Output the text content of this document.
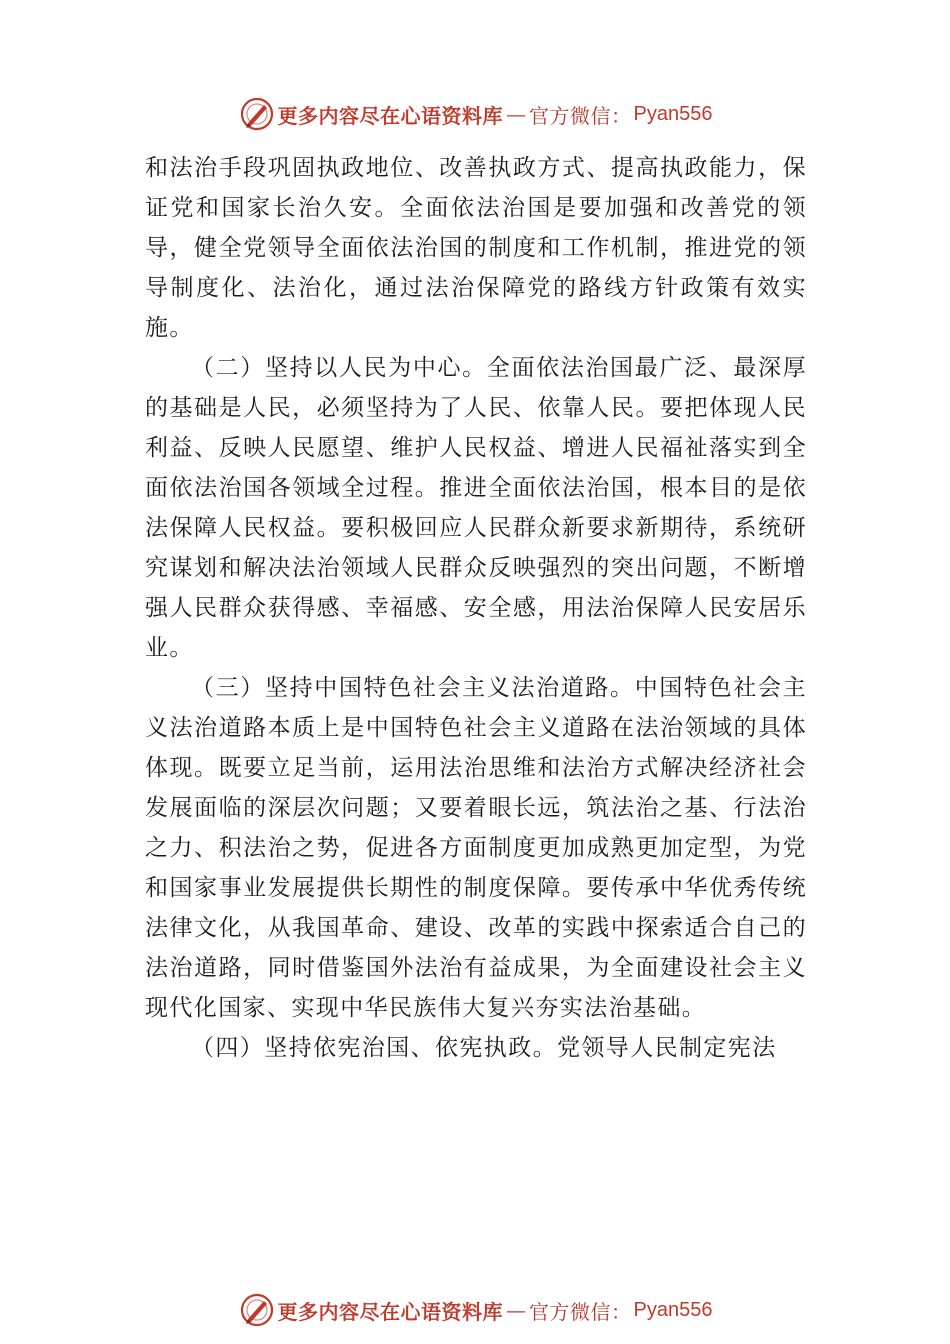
更多内容尽在心语资料库 — 官方微信： Pyan556

和法治手段巩固执政地位、改善执政方式、提高执政能力，保证党和国家长治久安。全面依法治国是要加强和改善党的领导，健全党领导全面依法治国的制度和工作机制，推进党的领导制度化、法治化，通过法治保障党的路线方针政策有效实施。

（二）坚持以人民为中心。全面依法治国最广泛、最深厚的基础是人民，必须坚持为了人民、依靠人民。要把体现人民利益、反映人民愿望、维护人民权益、增进人民福祉落实到全面依法治国各领域全过程。推进全面依法治国，根本目的是依法保障人民权益。要积极回应人民群众新要求新期待，系统研究谋划和解决法治领域人民群众反映强烈的突出问题，不断增强人民群众获得感、幸福感、安全感，用法治保障人民安居乐业。

（三）坚持中国特色社会主义法治道路。中国特色社会主义法治道路本质上是中国特色社会主义道路在法治领域的具体体现。既要立足当前，运用法治思维和法治方式解决经济社会发展面临的深层次问题；又要着眼长远，筑法治之基、行法治之力、积法治之势，促进各方面制度更加成熟更加定型，为党和国家事业发展提供长期性的制度保障。要传承中华优秀传统法律文化，从我国革命、建设、改革的实践中探索适合自己的法治道路，同时借鉴国外法治有益成果，为全面建设社会主义现代化国家、实现中华民族伟大复兴夯实法治基础。

（四）坚持依宪治国、依宪执政。党领导人民制定宪法

更多内容尽在心语资料库 — 官方微信： Pyan556
